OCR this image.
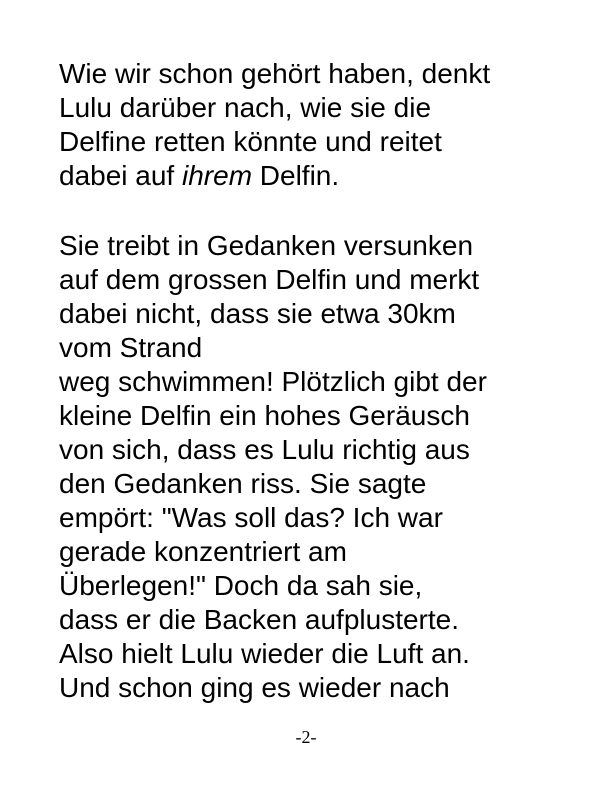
Wie wir schon gehört haben, denkt
Lulu darüber nach, wie sie die
Delfine retten könnte und reitet
dabei auf ihrem Delfin.

Sie treibt in Gedanken versunken
auf dem grossen Delfin und merkt
dabei nicht, dass sie etwa 30km
vom Strand
weg schwimmen! Plötzlich gibt der
kleine Delfin ein hohes Geräusch
von sich, dass es Lulu richtig aus
den Gedanken riss. Sie sagte
empört: "Was soll das? Ich war
gerade konzentriert am
Überlegen!" Doch da sah sie,
dass er die Backen aufplusterte.
Also hielt Lulu wieder die Luft an.
Und schon ging es wieder nach

-2-
